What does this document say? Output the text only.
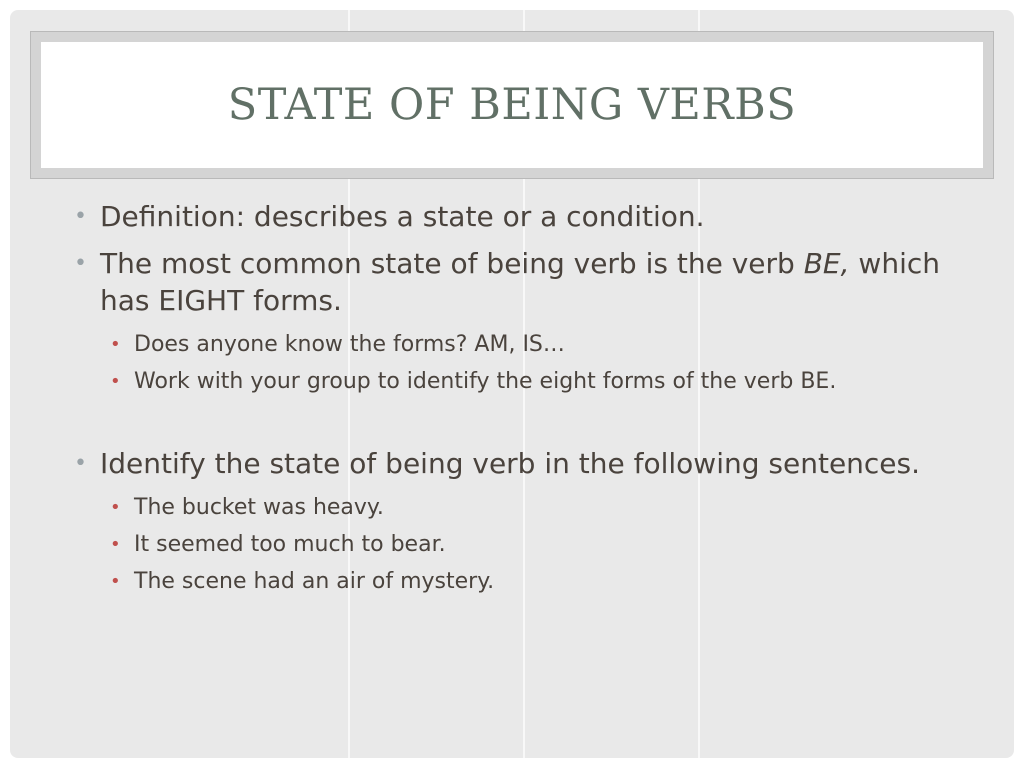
STATE OF BEING VERBS
• Definition: describes a state or a condition.
• The most common state of being verb is the verb BE, which has EIGHT forms.
• Does anyone know the forms? AM, IS…
• Work with your group to identify the eight forms of the verb BE.
• Identify the state of being verb in the following sentences.
• The bucket was heavy.
• It seemed too much to bear.
• The scene had an air of mystery.
